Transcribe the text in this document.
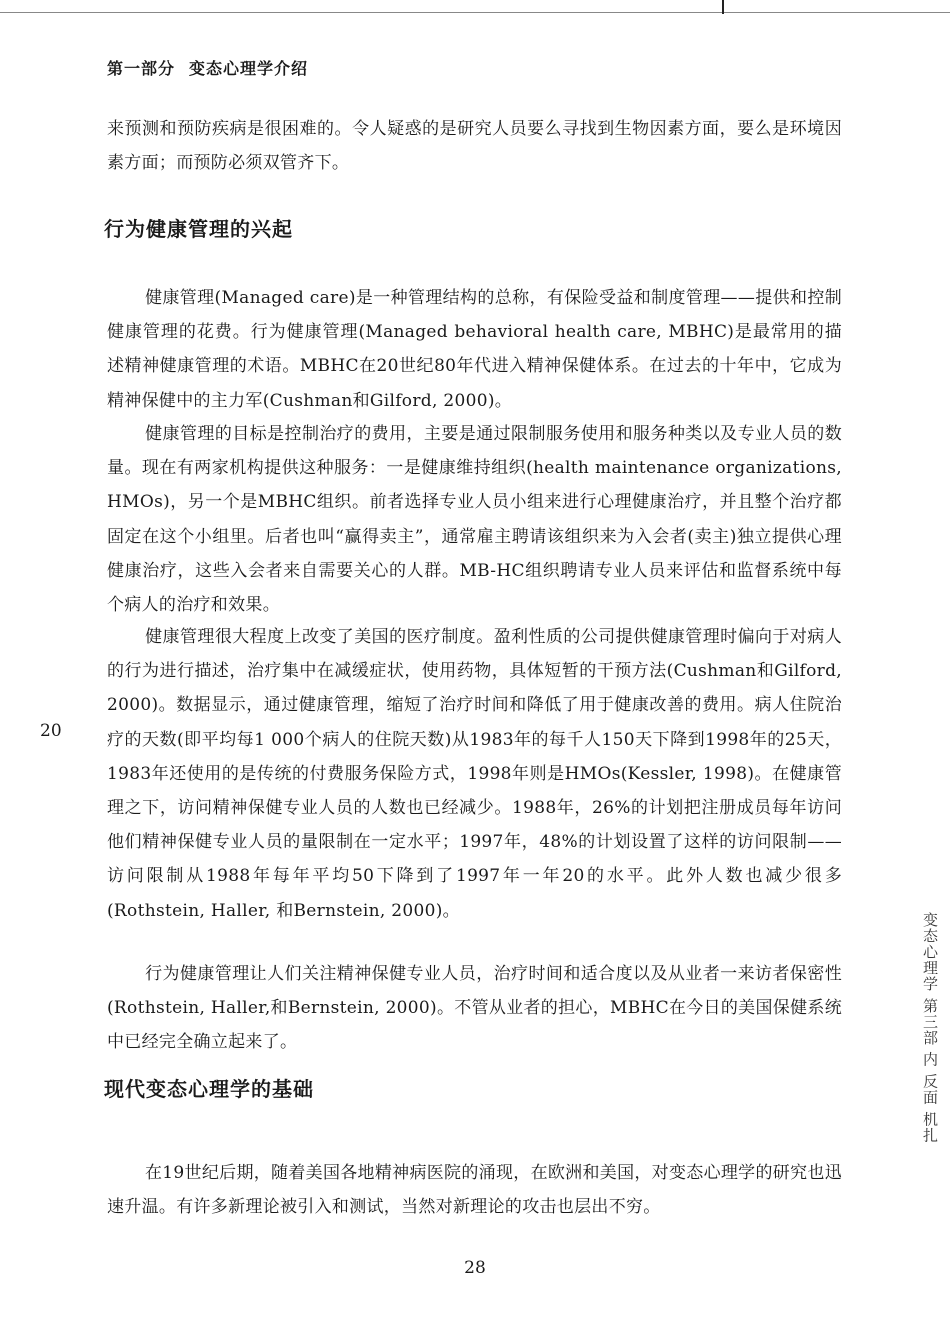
第一部分 变态心理学介绍

来预测和预防疾病是很困难的。令人疑惑的是研究人员要么寻找到生物因素方面，要么是环境因素方面；而预防必须双管齐下。

行为健康管理的兴起

健康管理(Managed care)是一种管理结构的总称，有保险受益和制度管理——提供和控制健康管理的花费。行为健康管理(Managed behavioral health care, MBHC)是最常用的描述精神健康管理的术语。MBHC在20世纪80年代进入精神保健体系。在过去的十年中，它成为精神保健中的主力军(Cushman和Gilford, 2000)。

健康管理的目标是控制治疗的费用，主要是通过限制服务使用和服务种类以及专业人员的数量。现在有两家机构提供这种服务：一是健康维持组织(health maintenance organizations, HMOs)，另一个是MBHC组织。前者选择专业人员小组来进行心理健康治疗，并且整个治疗都固定在这个小组里。后者也叫“赢得卖主”，通常雇主聘请该组织来为入会者(卖主)独立提供心理健康治疗，这些入会者来自需要关心的人群。MB-HC组织聘请专业人员来评估和监督系统中每个病人的治疗和效果。

健康管理很大程度上改变了美国的医疗制度。盈利性质的公司提供健康管理时偏向于对病人的行为进行描述，治疗集中在减缓症状，使用药物，具体短暂的干预方法(Cushman和Gilford, 2000)。数据显示，通过健康管理，缩短了治疗时间和降低了用于健康改善的费用。病人住院治疗的天数(即平均每1 000个病人的住院天数)从1983年的每千人150天下降到1998年的25天，1983年还使用的是传统的付费服务保险方式，1998年则是HMOs(Kessler, 1998)。在健康管理之下，访问精神保健专业人员的人数也已经减少。1988年，26%的计划把注册成员每年访问他们精神保健专业人员的量限制在一定水平；1997年，48%的计划设置了这样的访问限制——访问限制从1988年每年平均50下降到了1997年一年20的水平。此外人数也减少很多(Rothstein, Haller, 和Bernstein, 2000)。

行为健康管理让人们关注精神保健专业人员，治疗时间和适合度以及从业者一来访者保密性(Rothstein, Haller,和Bernstein, 2000)。不管从业者的担心，MBHC在今日的美国保健系统中已经完全确立起来了。

现代变态心理学的基础

在19世纪后期，随着美国各地精神病医院的涌现，在欧洲和美国，对变态心理学的研究也迅速升温。有许多新理论被引入和测试，当然对新理论的攻击也层出不穷。

20
28
变态心理学 第三部 内 反面 机扎
